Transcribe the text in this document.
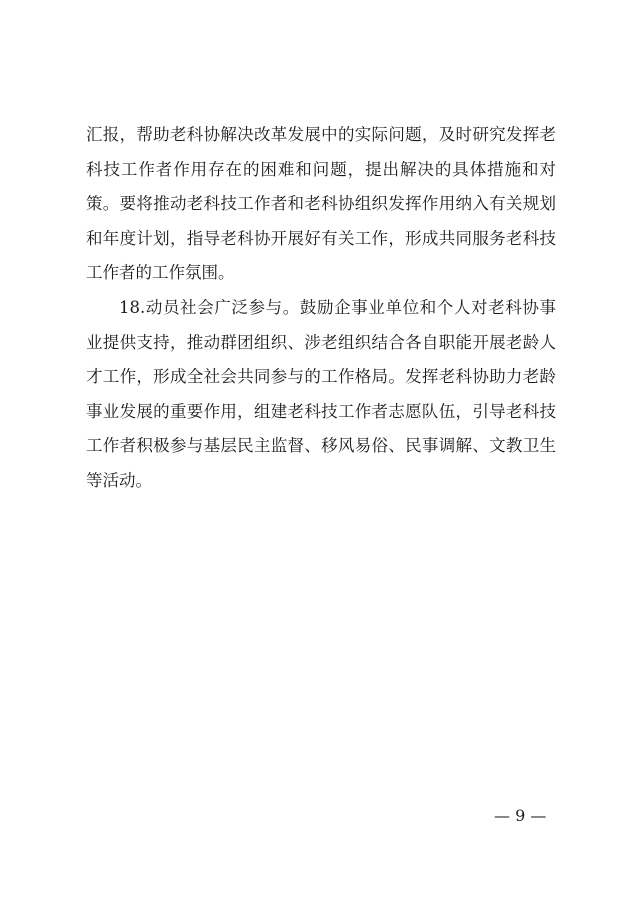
汇报，帮助老科协解决改革发展中的实际问题，及时研究发挥老
科技工作者作用存在的困难和问题，提出解决的具体措施和对
策。要将推动老科技工作者和老科协组织发挥作用纳入有关规划
和年度计划，指导老科协开展好有关工作，形成共同服务老科技
工作者的工作氛围。
18.动员社会广泛参与。鼓励企事业单位和个人对老科协事
业提供支持，推动群团组织、涉老组织结合各自职能开展老龄人
才工作，形成全社会共同参与的工作格局。发挥老科协助力老龄
事业发展的重要作用，组建老科技工作者志愿队伍，引导老科技
工作者积极参与基层民主监督、移风易俗、民事调解、文教卫生
等活动。
— 9 —
